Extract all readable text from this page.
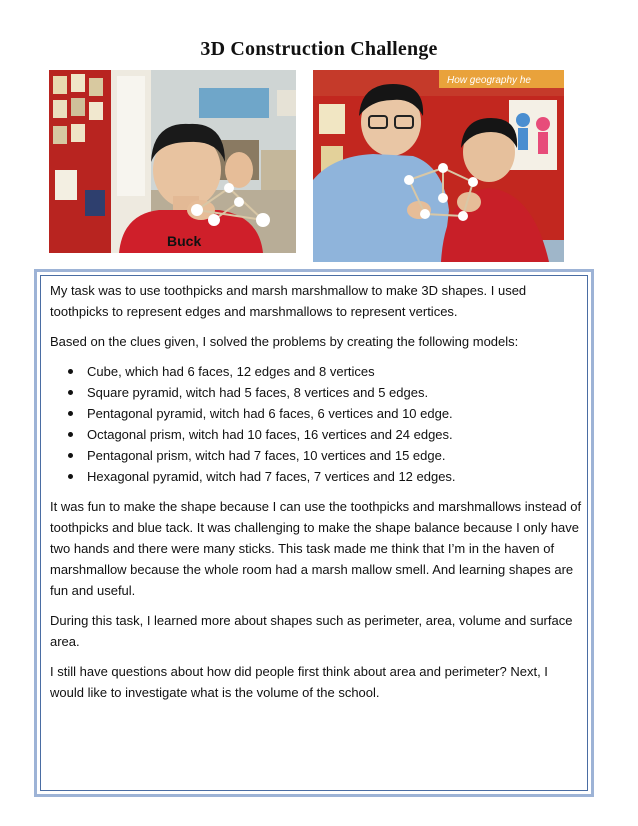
3D Construction Challenge
Buck
How geography he

My task was to use toothpicks and marsh marshmallow to make 3D shapes. I used toothpicks to represent edges and marshmallows to represent vertices.

Based on the clues given, I solved the problems by creating the following models:

Cube, which had 6 faces, 12 edges and 8 vertices
Square pyramid, witch had 5 faces, 8 vertices and 5 edges.
Pentagonal pyramid, witch had 6 faces, 6 vertices and 10 edge.
Octagonal prism, witch had 10 faces, 16 vertices and 24 edges.
Pentagonal prism, witch had 7 faces, 10 vertices and 15 edge.
Hexagonal pyramid, witch had 7 faces, 7 vertices and 12 edges.

It was fun to make the shape because I can use the toothpicks and marshmallows instead of toothpicks and blue tack. It was challenging to make the shape balance because I only have two hands and there were many sticks. This task made me think that I’m in the haven of marshmallow because the whole room had a marsh mallow smell. And learning shapes are fun and useful.

During this task, I learned more about shapes such as perimeter, area, volume and surface area.

I still have questions about how did people first think about area and perimeter? Next, I would like to investigate what is the volume of the school.
